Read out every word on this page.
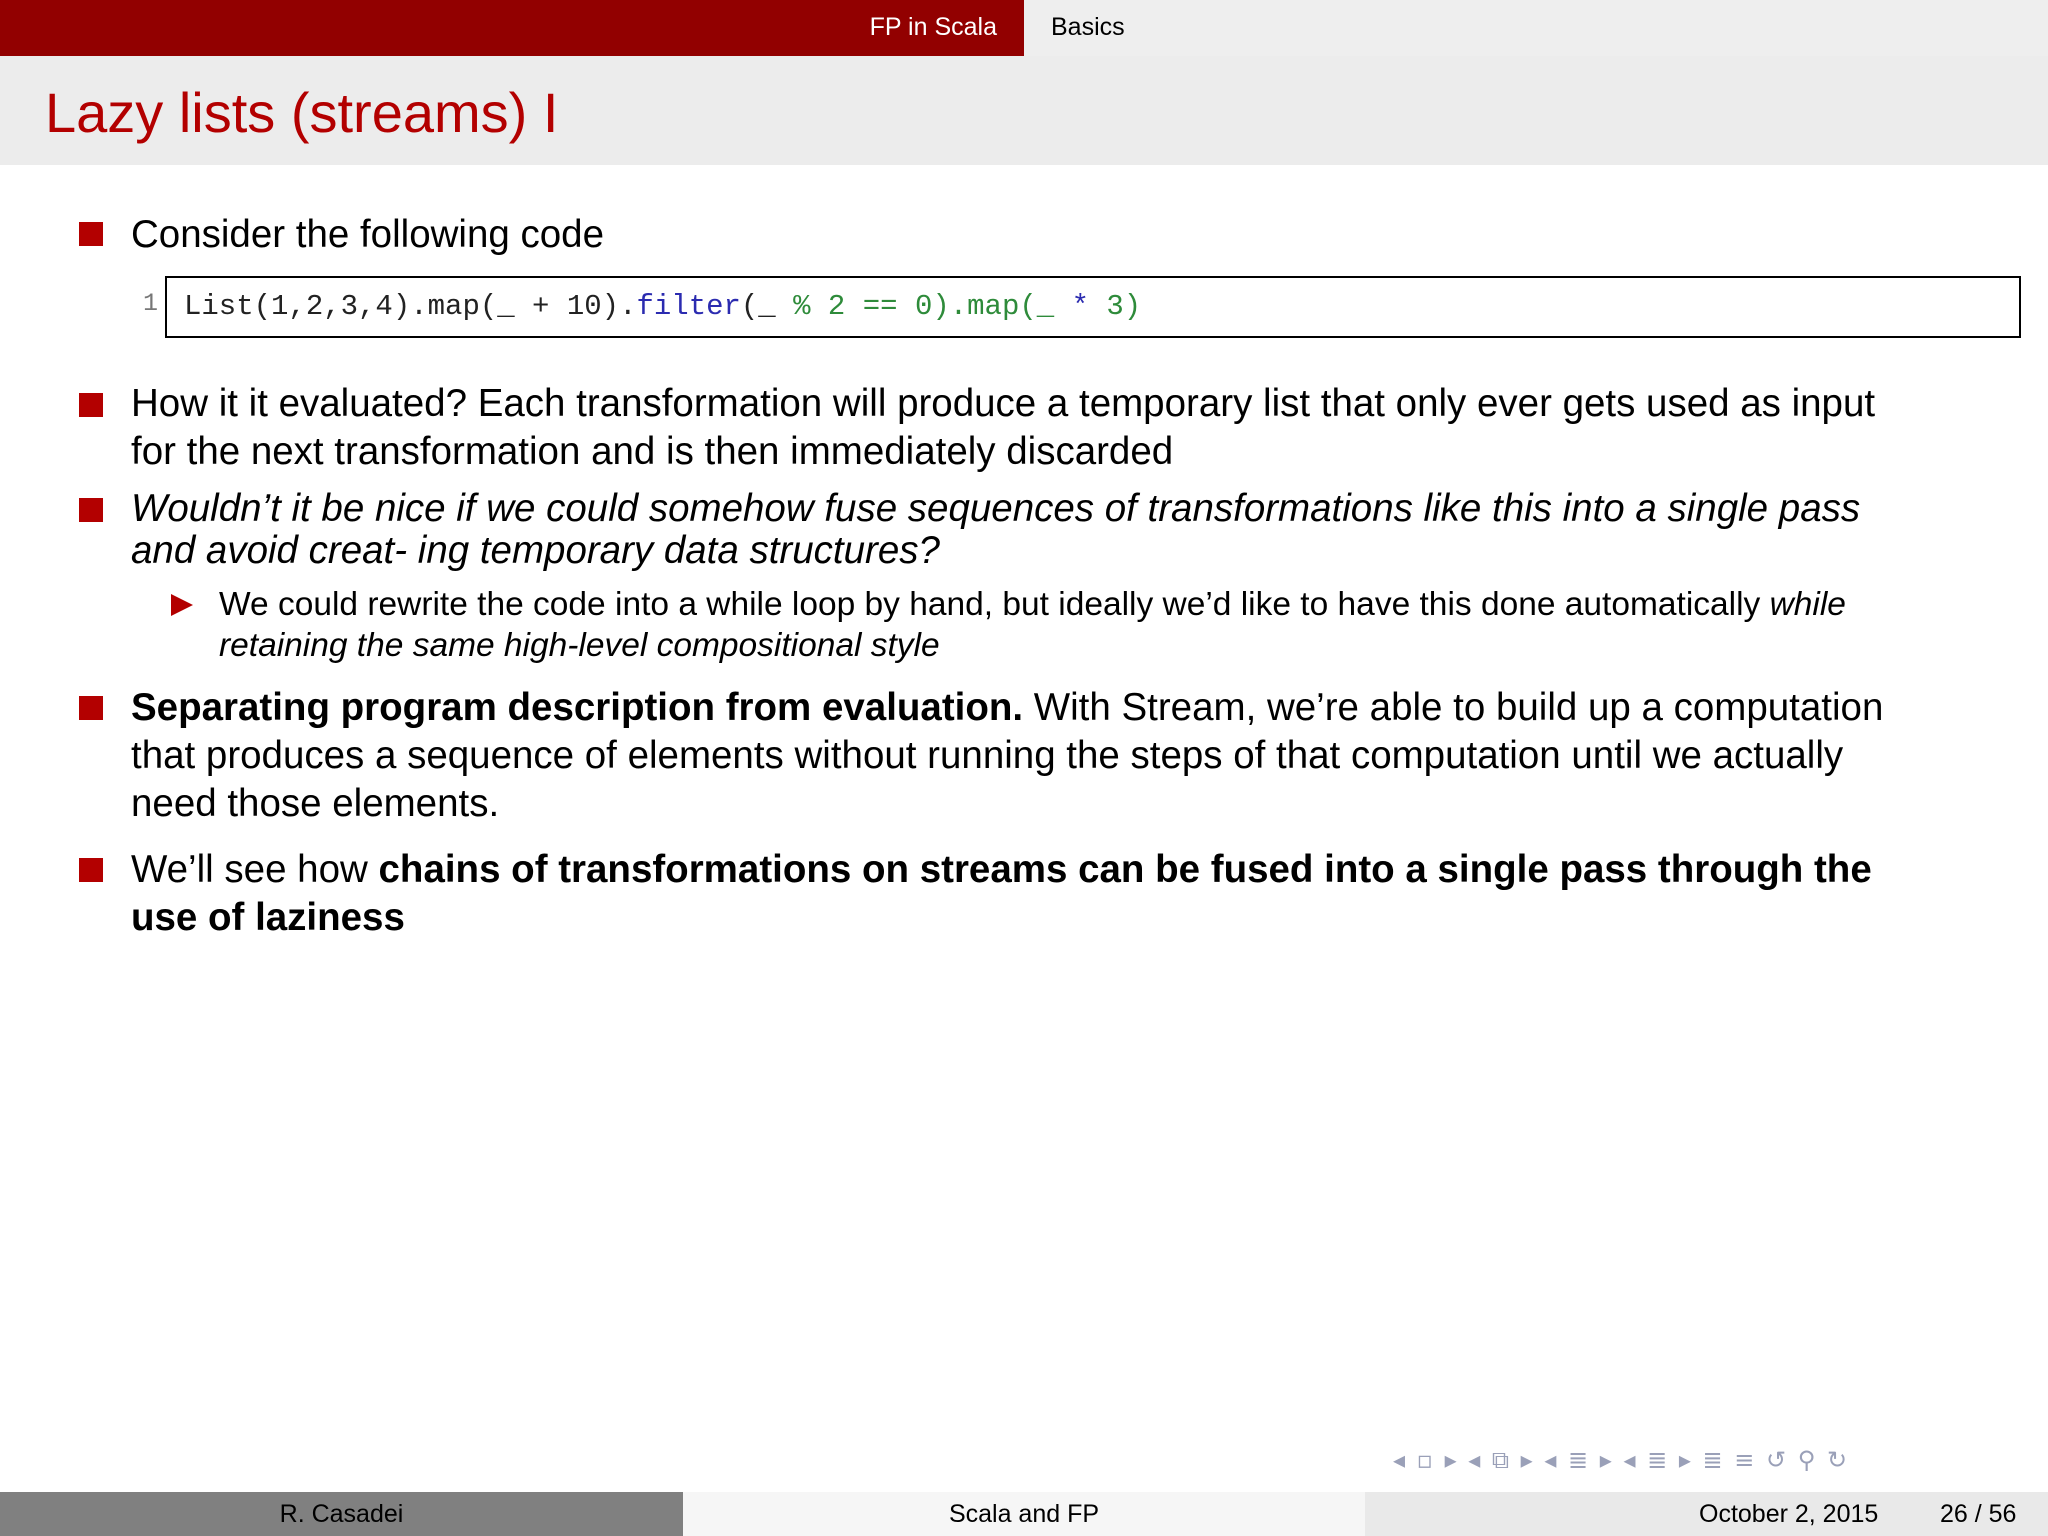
FP in Scala Basics
Lazy lists (streams) I
Consider the following code
1 List(1,2,3,4).map(_ + 10).filter(_ % 2 == 0).map(_ * 3)
How it it evaluated? Each transformation will produce a temporary list that only ever gets used as input
for the next transformation and is then immediately discarded
Wouldn’t it be nice if we could somehow fuse sequences of transformations like this into a single pass
and avoid creat- ing temporary data structures?
We could rewrite the code into a while loop by hand, but ideally we’d like to have this done automatically while
retaining the same high-level compositional style
Separating program description from evaluation. With Stream, we’re able to build up a computation
that produces a sequence of elements without running the steps of that computation until we actually
need those elements.
We’ll see how chains of transformations on streams can be fused into a single pass through the
use of laziness
◂ ▫ ▸ ◂ ⧉ ▸ ◂ ≣ ▸ ◂ ≣ ▸ ≣ ≡ ↺ ⚲ ↻
R. Casadei	Scala and FP	October 2, 2015 26 / 56
